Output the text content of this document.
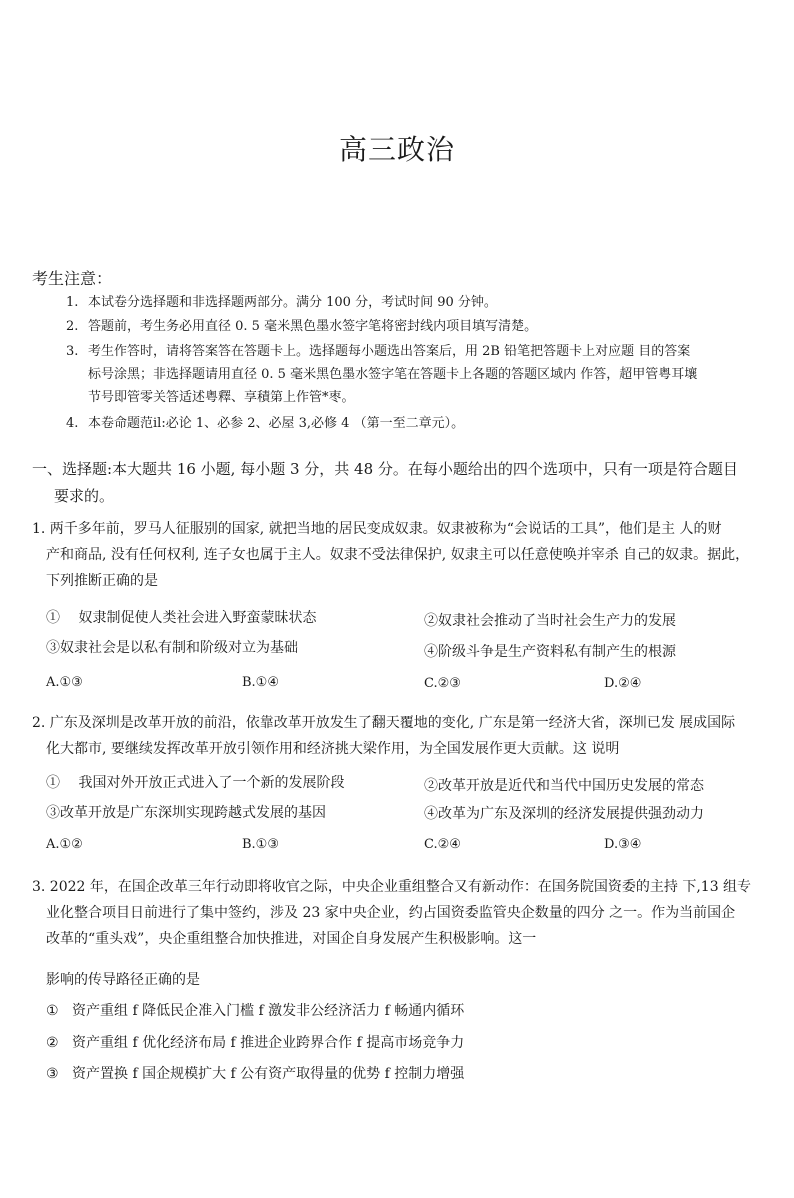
高三政治
考生注意：
1. 本试卷分选择题和非选择题两部分。满分 100 分，考试时间 90 分钟。
2. 答题前，考生务必用直径 0. 5 毫米黑色墨水签字笔将密封线内项目填写清楚。
3. 考生作答时，请将答案答在答题卡上。选择题每小题选出答案后，用 2B 铅笔把答题卡上对应题 目的答案
标号涂黑；非选择题请用直径 0. 5 毫米黑色墨水签字笔在答题卡上各题的答题区域内 作答，超甲管粤耳壤
节号即管零关答适述粤釋、享積第上作管*枣。
4. 本卷命题范il:必论 1、必参 2、必屋 3,必修 4 （第一至二章元）。
一、选择题:本大题共 16 小题, 每小题 3 分，共 48 分。在每小题给出的四个选项中，只有一项是符合题目
要求的。
1. 两千多年前，罗马人征服别的国家, 就把当地的居民变成奴隶。奴隶被称为“会说话的工具”，他们是主 人的财
产和商品, 没有任何权利, 连子女也属于主人。奴隶不受法律保护, 奴隶主可以任意使唤并宰杀 自己的奴隶。据此，
下列推断正确的是
①　 奴隶制促使人类社会进入野蛮蒙昧状态	②奴隶社会推动了当时社会生产力的发展
③奴隶社会是以私有制和阶级对立为基础	④阶级斗争是生产资料私有制产生的根源
A.①③	B.①④	C.②③	D.②④
2. 广东及深圳是改革开放的前沿，依靠改革开放发生了翻天覆地的变化, 广东是第一经济大省，深圳已发 展成国际
化大都市, 要继续发挥改革开放引领作用和经济挑大梁作用，为全国发展作更大贡献。这 说明
①　 我国对外开放正式进入了一个新的发展阶段	②改革开放是近代和当代中国历史发展的常态
③改革开放是广东深圳实现跨越式发展的基因	④改革为广东及深圳的经济发展提供强劲动力
A.①②	B.①③	C.②④	D.③④
3. 2022 年，在国企改革三年行动即将收官之际，中央企业重组整合又有新动作：在国务院国资委的主持 下,13 组专
业化整合项目日前进行了集中签约，涉及 23 家中央企业，约占国资委监管央企数量的四分 之一。作为当前国企
改革的“重头戏”，央企重组整合加快推进，对国企自身发展产生积极影响。这一
影响的传导路径正确的是
① 资产重组 f 降低民企准入门槛 f 激发非公经济活力 f 畅通内循环
② 资产重组 f 优化经济布局 f 推进企业跨界合作 f 提高市场竞争力
③ 资产置换 f 国企规模扩大 f 公有资产取得量的优势 f 控制力增强
